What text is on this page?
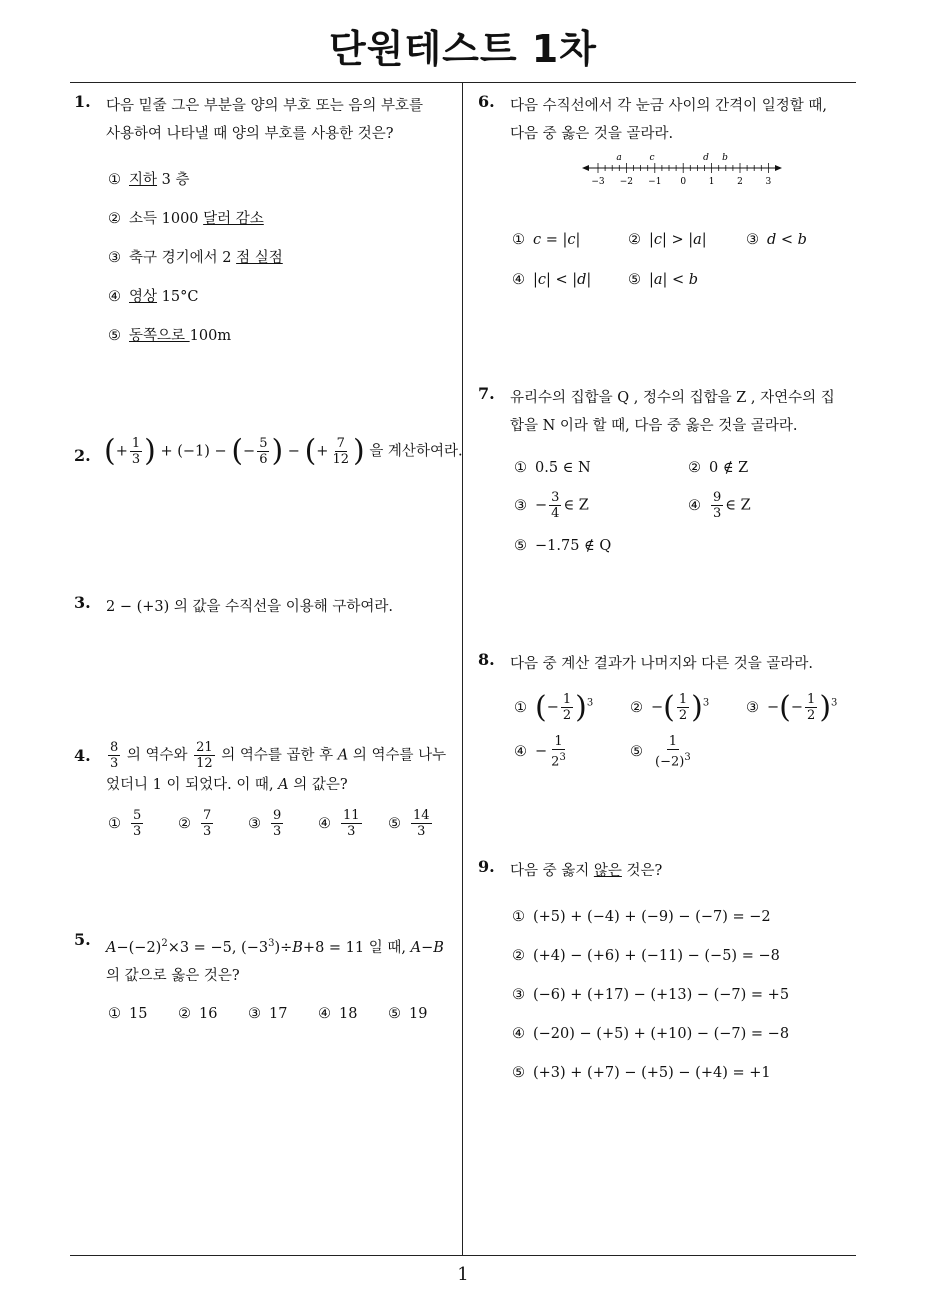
단원테스트 1차
1
1. 다음 밑줄 그은 부분을 양의 부호 또는 음의 부호를
사용하여 나타낼 때 양의 부호를 사용한 것은?
① 지하 3 층
② 소득 1000 달러 감소
③ 축구 경기에서 2 점 실점
④ 영상 15°C
⑤ 동쪽으로 100m
2. (+ $\frac{1}{3}$ ) + (−1) − (− $\frac{5}{6}$ ) − (+ $\frac{7}{12}$ ) 을 계산하여라.
3. 2 − (+3) 의 값을 수직선을 이용해 구하여라.
4. $\frac{8}{3}$ 의 역수와 $\frac{21}{12}$ 의 역수를 곱한 후 A 의 역수를 나누
었더니 1 이 되었다. 이 때, A 의 값은?
① $\frac{5}{3}$ ② $\frac{7}{3}$ ③ $\frac{9}{3}$ ④ $\frac{11}{3}$ ⑤ $\frac{14}{3}$
5. $A-(-2)^2\times 3 = -5$, $(-3^3)\div B+8 = 11$ 일 때, A−B
의 값으로 옳은 것은?
① 15 ② 16 ③ 17 ④ 18 ⑤ 19
6. 다음 수직선에서 각 눈금 사이의 간격이 일정할 때,
다음 중 옳은 것을 골라라.
−3 −2 −1 0	1	2	3
a	c	d b
① c = |c|	② |c| > |a|	③ d < b
④ |c| < |d|	⑤ |a| < b
7. 유리수의 집합을 Q , 정수의 집합을 Z , 자연수의 집
합을 N 이라 할 때, 다음 중 옳은 것을 골라라.
① 0.5 ∈ N	② 0 ∉ Z
③ − $\frac{3}{4}$ ∈ Z	④ $\frac{9}{3}$ ∈ Z
⑤ −1.75 ∉ Q
8. 다음 중 계산 결과가 나머지와 다른 것을 골라라.
① (− $\frac{1}{2} )^3$	② −( $\frac{1}{2} )^3$	③ −(− $\frac{1}{2} )^3$
④ − $\frac{1}{2^3}$	⑤ $\frac{1}{(-2)^3}$
9. 다음 중 옳지 않은 것은?
① (+5) + (−4) + (−9) − (−7) = −2
② (+4) − (+6) + (−11) − (−5) = −8
③ (−6) + (+17) − (+13) − (−7) = +5
④ (−20) − (+5) + (+10) − (−7) = −8
⑤ (+3) + (+7) − (+5) − (+4) = +1
